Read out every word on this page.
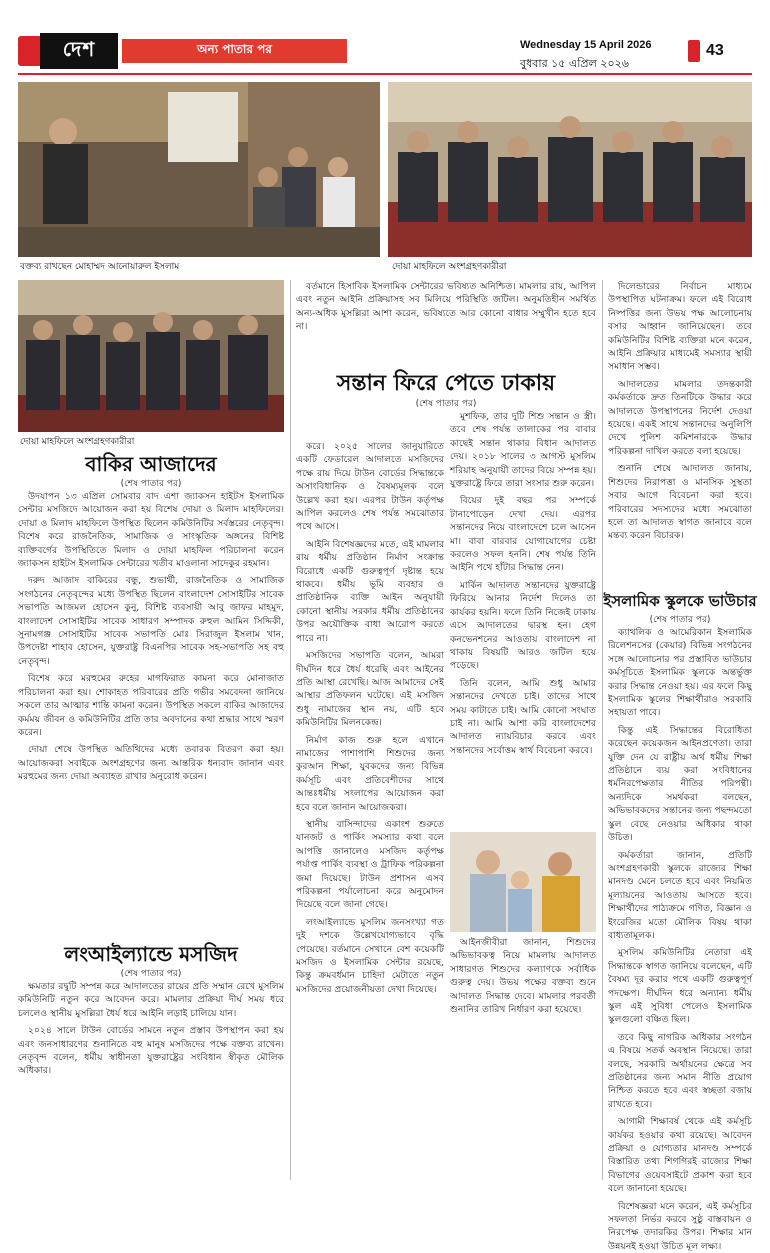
দেশ	অন্য পাতার পর	Wednesday 15 April 2026
বুধবার ১৫ এপ্রিল ২০২৬
43
বক্তব্য রাখছেন মোহাম্মদ আনোয়ারুল ইসলাম	দোয়া মাহফিলে অংশগ্রহণকারীরা
দোয়া মাহফিলে অংশগ্রহণকারীরা
বাকির আজাদের
(শেষ পাতার পর)

উদযাপন ১৩ এপ্রিল সোমবার বাদ এশা জ্যাকসন হাইটস ইসলামিক সেন্টার মসজিদে আয়োজন করা হয় বিশেষ দোয়া ও মিলাদ মাহফিলের। দোয়া ও মিলাদ মাহফিলে উপস্থিত ছিলেন কমিউনিটির সর্বস্তরের নেতৃবৃন্দ। বিশেষ করে রাজনৈতিক, সামাজিক ও সাংস্কৃতিক অঙ্গনের বিশিষ্ট ব্যক্তিবর্গের উপস্থিতিতে মিলাদ ও দোয়া মাহফিল পরিচালনা করেন জ্যাকসন হাইটস ইসলামিক সেন্টারের খতীব মাওলানা সাদেকুর রহমান।

দরুদ আজাদ বাকিরের বন্ধু, শুভার্থী, রাজনৈতিক ও সামাজিক সংগঠনের নেতৃবৃন্দের মধ্যে উপস্থিত ছিলেন বাংলাদেশ সোসাইটির সাবেক সভাপতি আজমল হোসেন কুনু, বিশিষ্ট ব্যবসায়ী আবু জাফর মাহমুদ, বাংলাদেশ সোসাইটির সাবেক সাধারণ সম্পাদক রুহুল আমিন সিদ্দিকী, সুনামগঞ্জ সোসাইটির সাবেক সভাপতি মোঃ সিরাজুল ইসলাম খান, উপদেষ্টা শাহাব হোসেন, যুক্তরাষ্ট্র বিএনপির সাবেক সহ-সভাপতি সহ বহু নেতৃবৃন্দ।

বিশেষ করে মরহুমের রুহের মাগফিরাত কামনা করে মোনাজাত পরিচালনা করা হয়। শোকাহত পরিবারের প্রতি গভীর সমবেদনা জানিয়ে সকলে তার আত্মার শান্তি কামনা করেন। উপস্থিত সকলে বাকির আজাদের কর্মময় জীবন ও কমিউনিটির প্রতি তার অবদানের কথা শ্রদ্ধার সাথে স্মরণ করেন।

দোয়া শেষে উপস্থিত অতিথিদের মধ্যে তবারক বিতরণ করা হয়। আয়োজকরা সবাইকে অংশগ্রহণের জন্য আন্তরিক ধন্যবাদ জানান এবং মরহুমের জন্য দোয়া অব্যাহত রাখার অনুরোধ করেন।

লংআইল্যান্ডে মসজিদ
(শেষ পাতার পর)

ক্ষমতার রদ্বুটি সম্পন্ন করে আদালতের রায়ের প্রতি সম্মান রেখে মুসলিম কমিউনিটি নতুন করে আবেদন করে। মামলার প্রক্রিয়া দীর্ঘ সময় ধরে চললেও স্থানীয় মুসল্লিরা ধৈর্য ধরে আইনি লড়াই চালিয়ে যান।

২০২৪ সালে টাউন বোর্ডের সামনে নতুন প্রস্তাব উপস্থাপন করা হয় এবং জনসাধারণের শুনানিতে বহু মানুষ মসজিদের পক্ষে বক্তব্য রাখেন। নেতৃবৃন্দ বলেন, ধর্মীয় স্বাধীনতা যুক্তরাষ্ট্রের সংবিধান স্বীকৃত মৌলিক অধিকার।

করে। ২০২৫ সালের জানুয়ারিতে একটি ফেডারেল আদালতে মসজিদের পক্ষে রায় দিয়ে টাউন বোর্ডের সিদ্ধান্তকে অসাংবিধানিক ও বৈষম্যমূলক বলে উল্লেখ করা হয়। এরপর টাউন কর্তৃপক্ষ আপিল করলেও শেষ পর্যন্ত সমঝোতার পথে আসে।

আইনি বিশেষজ্ঞদের মতে, এই মামলার রায় ধর্মীয় প্রতিষ্ঠান নির্মাণ সংক্রান্ত বিরোধে একটি গুরুত্বপূর্ণ দৃষ্টান্ত হয়ে থাকবে। ধর্মীয় ভূমি ব্যবহার ও প্রাতিষ্ঠানিক ব্যক্তি আইন অনুযায়ী কোনো স্থানীয় সরকার ধর্মীয় প্রতিষ্ঠানের উপর অযৌক্তিক বাধা আরোপ করতে পারে না।

মসজিদের সভাপতি বলেন, আমরা দীর্ঘদিন ধরে ধৈর্য ধরেছি এবং আইনের প্রতি আস্থা রেখেছি। আজ আমাদের সেই আস্থার প্রতিফলন ঘটেছে। এই মসজিদ শুধু নামাজের স্থান নয়, এটি হবে কমিউনিটির মিলনকেন্দ্র।

নির্মাণ কাজ শুরু হলে এখানে নামাজের পাশাপাশি শিশুদের জন্য কুরআন শিক্ষা, যুবকদের জন্য বিভিন্ন কর্মসূচি এবং প্রতিবেশীদের সাথে আন্তঃধর্মীয় সংলাপের আয়োজন করা হবে বলে জানান আয়োজকরা।

স্থানীয় বাসিন্দাদের একাংশ শুরুতে যানজট ও পার্কিং সমস্যার কথা বলে আপত্তি জানালেও মসজিদ কর্তৃপক্ষ পর্যাপ্ত পার্কিং ব্যবস্থা ও ট্রাফিক পরিকল্পনা জমা দিয়েছে। টাউন প্রশাসন এসব পরিকল্পনা পর্যালোচনা করে অনুমোদন দিয়েছে বলে জানা গেছে।

লংআইল্যান্ডে মুসলিম জনসংখ্যা গত দুই দশকে উল্লেখযোগ্যভাবে বৃদ্ধি পেয়েছে। বর্তমানে সেখানে বেশ কয়েকটি মসজিদ ও ইসলামিক সেন্টার রয়েছে, কিন্তু ক্রমবর্ধমান চাহিদা মেটাতে নতুন মসজিদের প্রয়োজনীয়তা দেখা দিয়েছে।

বর্তমানে হিসাবিক ইসলামিক সেন্টারের ভবিষ্যত অনিশ্চিত। মামলার রায়, আপিল এবং নতুন আইনি প্রক্রিয়াসহ সব মিলিয়ে পরিস্থিতি জটিল। অনুমতিহীন সমর্থিত অন্য-অধিক মুসল্লিরা আশা করেন, ভবিষ্যতে আর কোনো বাধার সম্মুখীন হতে হবে না।

সন্তান ফিরে পেতে ঢাকায়
(শেষ পাতার পর)

মুশফিক, তার দুটি শিশু সন্তান ও স্ত্রী। তবে শেষ পর্যন্ত তালাকের পর বাবার কাছেই সন্তান থাকার বিধান আদালত দেয়। ২০১৮ সালের ৩ আগস্ট মুসলিম শরিয়াহ অনুযায়ী তাদের বিয়ে সম্পন্ন হয়। যুক্তরাষ্ট্রে ফিরে তারা সংসার শুরু করেন।

বিয়ের দুই বছর পর সম্পর্কে টানাপোড়েন দেখা দেয়। এরপর সন্তানদের নিয়ে বাংলাদেশে চলে আসেন মা। বাবা বারবার যোগাযোগের চেষ্টা করলেও সফল হননি। শেষ পর্যন্ত তিনি আইনি পথে হাঁটার সিদ্ধান্ত নেন।

মার্কিন আদালত সন্তানদের যুক্তরাষ্ট্রে ফিরিয়ে আনার নির্দেশ দিলেও তা কার্যকর হয়নি। ফলে তিনি নিজেই ঢাকায় এসে আদালতের দ্বারস্থ হন। হেগ কনভেনশনের আওতায় বাংলাদেশ না থাকায় বিষয়টি আরও জটিল হয়ে পড়েছে।

তিনি বলেন, আমি শুধু আমার সন্তানদের দেখতে চাই। তাদের সাথে সময় কাটাতে চাই। আমি কোনো সংঘাত চাই না। আমি আশা করি বাংলাদেশের আদালত ন্যায়বিচার করবে এবং সন্তানদের সর্বোত্তম স্বার্থ বিবেচনা করবে।

আইনজীবীরা জানান, শিশুদের অভিভাবকত্ব নিয়ে মামলায় আদালত সাধারণত শিশুদের কল্যাণকে সর্বাধিক গুরুত্ব দেয়। উভয় পক্ষের বক্তব্য শুনে আদালত সিদ্ধান্ত দেবে। মামলার পরবর্তী শুনানির তারিখ নির্ধারণ করা হয়েছে।

দিলেন্ডারের নির্বাচন মাধ্যমে উপস্থাপিত ঘটনাক্রম। ফলে এই বিরোধ নিষ্পত্তির জন্য উভয় পক্ষ আলোচনায় বসার আহ্বান জানিয়েছেন। তবে কমিউনিটির বিশিষ্ট ব্যক্তিরা মনে করেন, আইনি প্রক্রিয়ার মাধ্যমেই সমস্যার স্থায়ী সমাধান সম্ভব।

আদালতের মামলার তদন্তকারী কর্মকর্তাকে দ্রুত তিনটিকে উদ্ধার করে আদালতে উপস্থাপনের নির্দেশ দেওয়া হয়েছে। একই সাথে সন্তানদের অনুলিপি দেখে পুলিশ কমিশনারকে উদ্ধার পরিকল্পনা দাখিল করতে বলা হয়েছে।

শুনানি শেষে আদালত জানায়, শিশুদের নিরাপত্তা ও মানসিক সুস্থতা সবার আগে বিবেচনা করা হবে। পরিবারের সদস্যদের মধ্যে সমঝোতা হলে তা আদালত স্বাগত জানাবে বলে মন্তব্য করেন বিচারক।

ইসলামিক স্কুলকে ভাউচার
(শেষ পাতার পর)

ক্যাথলিক ও আমেরিকান ইসলামিক রিলেশনসের (কেয়ার) বিভিন্ন সংগঠনের সঙ্গে আলোচনার পর প্রস্তাবিত ভাউচার কর্মসূচিতে ইসলামিক স্কুলকে অন্তর্ভুক্ত করার সিদ্ধান্ত নেওয়া হয়। এর ফলে কিছু ইসলামিক স্কুলের শিক্ষার্থীরাও সরকারি সহায়তা পাবে।

কিন্তু এই সিদ্ধান্তের বিরোধিতা করেছেন কয়েকজন আইনপ্রণেতা। তারা যুক্তি দেন যে রাষ্ট্রীয় অর্থ ধর্মীয় শিক্ষা প্রতিষ্ঠানে ব্যয় করা সংবিধানের ধর্মনিরপেক্ষতার নীতির পরিপন্থী। অন্যদিকে সমর্থকরা বলছেন, অভিভাবকদের সন্তানের জন্য পছন্দমতো স্কুল বেছে নেওয়ার অধিকার থাকা উচিত।

কর্মকর্তারা জানান, প্রতিটি অংশগ্রহণকারী স্কুলকে রাজ্যের শিক্ষা মানদণ্ড মেনে চলতে হবে এবং নিয়মিত মূল্যায়নের আওতায় আসতে হবে। শিক্ষার্থীদের পাঠ্যক্রমে গণিত, বিজ্ঞান ও ইংরেজির মতো মৌলিক বিষয় থাকা বাধ্যতামূলক।

মুসলিম কমিউনিটির নেতারা এই সিদ্ধান্তকে স্বাগত জানিয়ে বলেছেন, এটি বৈষম্য দূর করার পথে একটি গুরুত্বপূর্ণ পদক্ষেপ। দীর্ঘদিন ধরে অন্যান্য ধর্মীয় স্কুল এই সুবিধা পেলেও ইসলামিক স্কুলগুলো বঞ্চিত ছিল।

তবে কিছু নাগরিক অধিকার সংগঠন এ বিষয়ে সতর্ক অবস্থান নিয়েছে। তারা বলছে, সরকারি অর্থায়নের ক্ষেত্রে সব প্রতিষ্ঠানের জন্য সমান নীতি প্রয়োগ নিশ্চিত করতে হবে এবং স্বচ্ছতা বজায় রাখতে হবে।

আগামী শিক্ষাবর্ষ থেকে এই কর্মসূচি কার্যকর হওয়ার কথা রয়েছে। আবেদন প্রক্রিয়া ও যোগ্যতার মানদণ্ড সম্পর্কে বিস্তারিত তথ্য শিগগিরই রাজ্যের শিক্ষা বিভাগের ওয়েবসাইটে প্রকাশ করা হবে বলে জানানো হয়েছে।

বিশেষজ্ঞরা মনে করেন, এই কর্মসূচির সফলতা নির্ভর করবে সুষ্ঠু বাস্তবায়ন ও নিরপেক্ষ তদারকির উপর। শিক্ষার মান উন্নয়নই হওয়া উচিত মূল লক্ষ্য।
